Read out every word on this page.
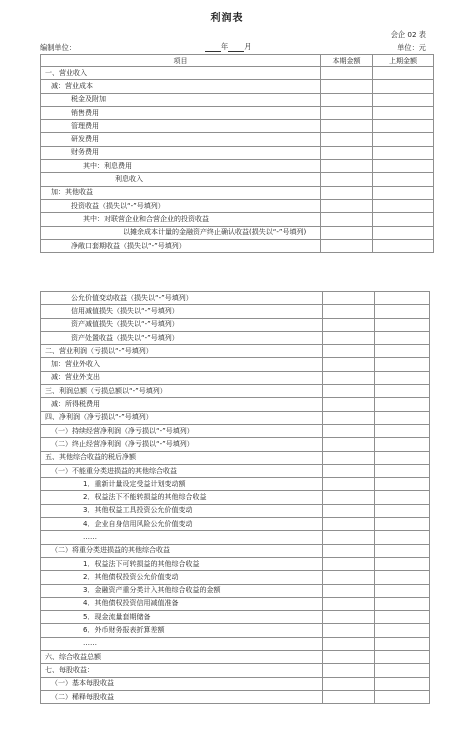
利润表
会企 02 表
编制单位：	年 月	单位：元
项目	本期金额	上期金额
一、营业收入		
减：营业成本		
税金及附加		
销售费用		
管理费用		
研发费用		
财务费用		
其中：利息费用		
利息收入		
加：其他收益		
投资收益（损失以“-”号填列）		
其中：对联营企业和合营企业的投资收益		
以摊余成本计量的金融资产终止确认收益(损失以“-”号填列)		
净敞口套期收益（损失以“-”号填列）		
公允价值变动收益（损失以“-”号填列）		
信用减值损失（损失以“-”号填列）		
资产减值损失（损失以“-”号填列）		
资产处置收益（损失以“-”号填列）		
二、营业利润（亏损以“-”号填列）		
加：营业外收入		
减：营业外支出		
三、利润总额（亏损总额以“-”号填列）		
减：所得税费用		
四、净利润（净亏损以“-”号填列）		
（一）持续经营净利润（净亏损以“-”号填列）		
（二）终止经营净利润（净亏损以“-”号填列）		
五、其他综合收益的税后净额		
（一）不能重分类进损益的其他综合收益		
1．重新计量设定受益计划变动额		
2．权益法下不能转损益的其他综合收益		
3．其他权益工具投资公允价值变动		
4．企业自身信用风险公允价值变动		
……		
（二）将重分类进损益的其他综合收益		
1．权益法下可转损益的其他综合收益		
2．其他债权投资公允价值变动		
3．金融资产重分类计入其他综合收益的金额		
4．其他债权投资信用减值准备		
5．现金流量套期储备		
6．外币财务报表折算差额		
……		
六、综合收益总额		
七、每股收益：		
（一）基本每股收益		
（二）稀释每股收益		
